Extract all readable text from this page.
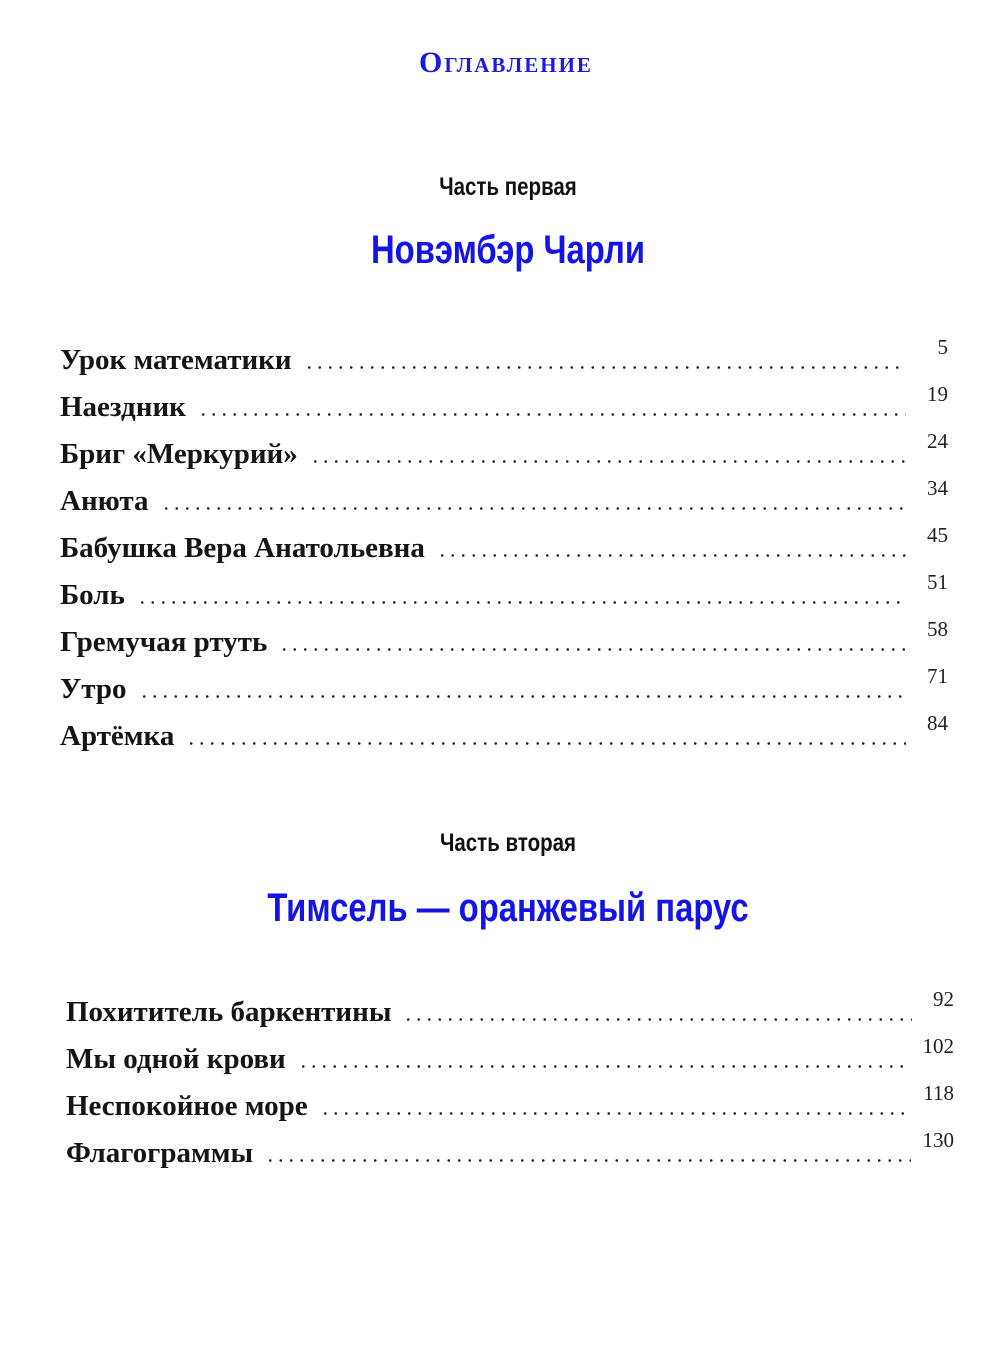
Оглавление
Часть первая
Новэмбэр Чарли
Урок математики	5
Наездник	19
Бриг «Меркурий»	24
Анюта	34
Бабушка Вера Анатольевна	45
Боль	51
Гремучая ртуть	58
Утро	71
Артёмка	84
Часть вторая
Тимсель — оранжевый парус
Похититель баркентины	92
Мы одной крови	102
Неспокойное море	118
Флагограммы	130
